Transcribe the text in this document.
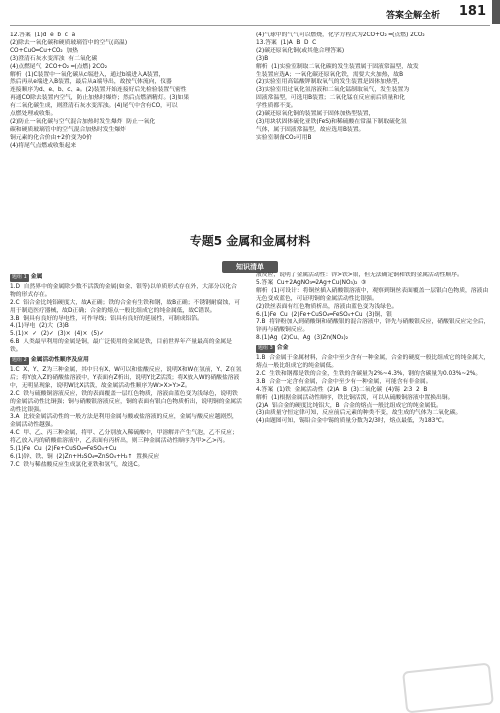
答案全解全析 181

12.答案  (1)d  e  b  c  a

(2)除去一氧化碳和硬质玻璃管中的空气(高温)

CO+CuO═Cu+CO₂  加热

(3)澄清石灰水变浑浊  有二氧化碳

(4)点燃尾气  2CO+O₂ ═(点燃) 2CO₂

解析  (1)C装置中一氧化碳从c端进入，通过b端进入A装置，

然后再从e端进入B装置，最后从a端导出，故按气体流向，仪器

连接顺序为d、e、b、c、a。(2)装置开始连接好后先检验装置气密性

再通CO除去装置内空气，防止加热时爆炸；然后点燃酒精灯。(3)如果

有二氧化碳生成，则澄清石灰水变浑浊。(4)尾气中含有CO，可以

点燃处理或收集。

(2)防止一氧化碳与空气混合加热时发生爆炸  防止一氧化

碳和硬质玻璃管中的空气混合加热时发生爆炸

铜元素的化合价由+2价变为0价

(4)将尾气点燃或收集起来

(4)气球中的气气可以燃烧，化学方程式为2CO+O₂ ═(点燃) 2CO₂

13.答案  (1)A  B  D  C

(2)碳还原氧化铜(或其他合理答案)

(3)B

解析  (1)实验室制取二氧化碳的发生装置属于固液常温型，故发

生装置应选A；一氧化碳还原氧化铁，需要大火加热，故B

(2)实验室用高锰酸钾制取氧气的发生装置是固体加热型，

(3)实验室用过氧化氢溶液和二氧化锰制取氧气，发生装置为

固液常温型，可选用B装置；二氧化锰在反应前后质量和化

学性质都不变。

(2)碳还原氧化铜的装置属于固体加热型装置，

(3)用块状固体硫化亚铁(FeS)和稀硫酸在常温下制取硫化氢

气体，属于固液常温型，故应选用B装置。

实验室制备CO₂可用B

专题5 金属和金属材料
知识清单

题组 1 金属

1.D  自然界中的金属除少数不活泼的金属(如金、银等)以单质形式存在外，大部分以化合物的形式存在。

2.C  铝合金比纯铝硬度大，故A正确；铁的合金有生铁和钢，故B正确；不锈钢耐腐蚀，可用于制造医疗器械，故D正确；合金的熔点一般比组成它的纯金属低，故C错误。

3.B  铜具有良好的导电性，可作导线；铝具有良好的延展性，可制成铝箔。

4.(1)导电  (2)大  (3)B

5.(1)×  ✓  (2)✓  (3)×  (4)×  (5)✓

6.B  人类最早利用的金属是铜，最广泛使用的金属是铁，目前世界年产量最高的金属是铁。

题组 2 金属活动性顺序及应用

1.C  X、Y、Z为三种金属，其中只有X、W可以和盐酸反应，说明X和W在氢前，Y、Z在氢后；将Y放入Z的硝酸盐溶液中，Y表面有Z析出，说明Y比Z活泼；将X放入W的硝酸盐溶液中，无明显现象，说明W比X活泼，故金属活动性顺序为W>X>Y>Z。

2.C  铁与硫酸铜溶液反应，铁的表面覆盖一层红色物质，溶液由蓝色变为浅绿色，说明铁的金属活动性比铜强；铜与硝酸银溶液反应，铜的表面有银白色物质析出，说明铜的金属活动性比银强。

3.A  比较金属活动性的一般方法是利用金属与酸或盐溶液的反应，金属与酸反应越剧烈，金属活动性越强。

4.C  甲、乙、丙三种金属，将甲、乙分别放入稀硫酸中，甲溶解并产生气泡，乙不反应；将乙放入丙的硝酸盐溶液中，乙表面有丙析出，则三种金属活动性顺序为甲>乙>丙。

5.(1)Fe  Cu  (2)Fe+CuSO₄═FeSO₄+Cu

6.(1)锌、铁、铜  (2)Zn+H₂SO₄═ZnSO₄+H₂↑  置换反应

7.C  铁与稀盐酸反应生成氯化亚铁和氢气，故选C。

液反应，说明了金属活动性：锌>铁>银，但无法确定铜和铁的金属活动性顺序。

5.答案  Cu+2AgNO₃═2Ag+Cu(NO₃)₂  ③

解析  (1)可设计：将铜丝插入硝酸银溶液中，观察到铜丝表面覆盖一层银白色物质，溶液由无色变成蓝色，可证明铜的金属活动性比银强。

(2)铁丝表面有红色物质析出，溶液由蓝色变为浅绿色。

6.(1)Fe  Cu  (2)Fe+CuSO₄═FeSO₄+Cu  (3)铜、银

7.B  将锌粉加入到硝酸铜和硝酸银的混合溶液中，锌先与硝酸银反应，硝酸银反应完全后，锌再与硝酸铜反应。

8.(1)Ag  (2)Cu、Ag  (3)Zn(NO₃)₂

题组 3 合金

1.B  合金属于金属材料，合金中至少含有一种金属，合金的硬度一般比组成它的纯金属大，熔点一般比组成它的纯金属低。

2.C  生铁和钢都是铁的合金，生铁的含碳量为2%~4.3%，钢的含碳量为0.03%~2%。

3.B  合金一定含有金属，合金中至少有一种金属，可能含有非金属。

4.答案  (1)铁  金属活动性  (2)A  B  (3)二氧化碳  (4)锡  2∶3  2  B

解析  (1)根据金属活动性顺序，铁比铜活泼，可以从硫酸铜溶液中置换出铜。

(2)A  铝合金的硬度比纯铝大，B  合金的熔点一般比组成它的纯金属低。

(3)由质量守恒定律可知，反应前后元素的种类不变，故生成的气体为二氧化碳。

(4)由题图可知，锡铅合金中锡的质量分数为2/3时，熔点最低，为183℃。
